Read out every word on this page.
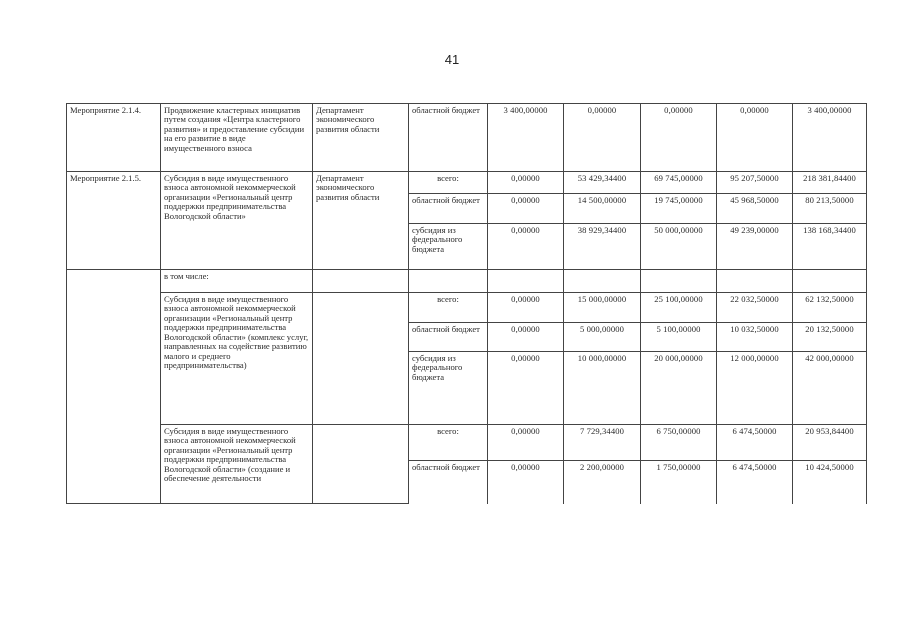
41
Мероприятие 2.1.4.	Продвижение кластерных инициатив путем создания «Центра кластерного развития» и предоставление субсидии на его развитие в виде имущественного взноса	Департамент экономического развития области	областной бюджет	3 400,00000	0,00000	0,00000	0,00000	3 400,00000
Мероприятие 2.1.5.	Субсидия в виде имущественного взноса автономной некоммерческой организации «Региональный центр поддержки предпринимательства Вологодской области»	Департамент экономического развития области	всего:	0,00000	53 429,34400	69 745,00000	95 207,50000	218 381,84400
			областной бюджет	0,00000	14 500,00000	19 745,00000	45 968,50000	80 213,50000
			субсидия из федерального бюджета	0,00000	38 929,34400	50 000,00000	49 239,00000	138 168,34400
	в том числе:							
	Субсидия в виде имущественного взноса автономной некоммерческой организации «Региональный центр поддержки предпринимательства Вологодской области» (комплекс услуг, направленных на содействие развитию малого и среднего предпринимательства)		всего:	0,00000	15 000,00000	25 100,00000	22 032,50000	62 132,50000
			областной бюджет	0,00000	5 000,00000	5 100,00000	10 032,50000	20 132,50000
			субсидия из федерального бюджета	0,00000	10 000,00000	20 000,00000	12 000,00000	42 000,00000
	Субсидия в виде имущественного взноса автономной некоммерческой организации «Региональный центр поддержки предпринимательства Вологодской области» (создание и обеспечение деятельности		всего:	0,00000	7 729,34400	6 750,00000	6 474,50000	20 953,84400
			областной бюджет	0,00000	2 200,00000	1 750,00000	6 474,50000	10 424,50000
